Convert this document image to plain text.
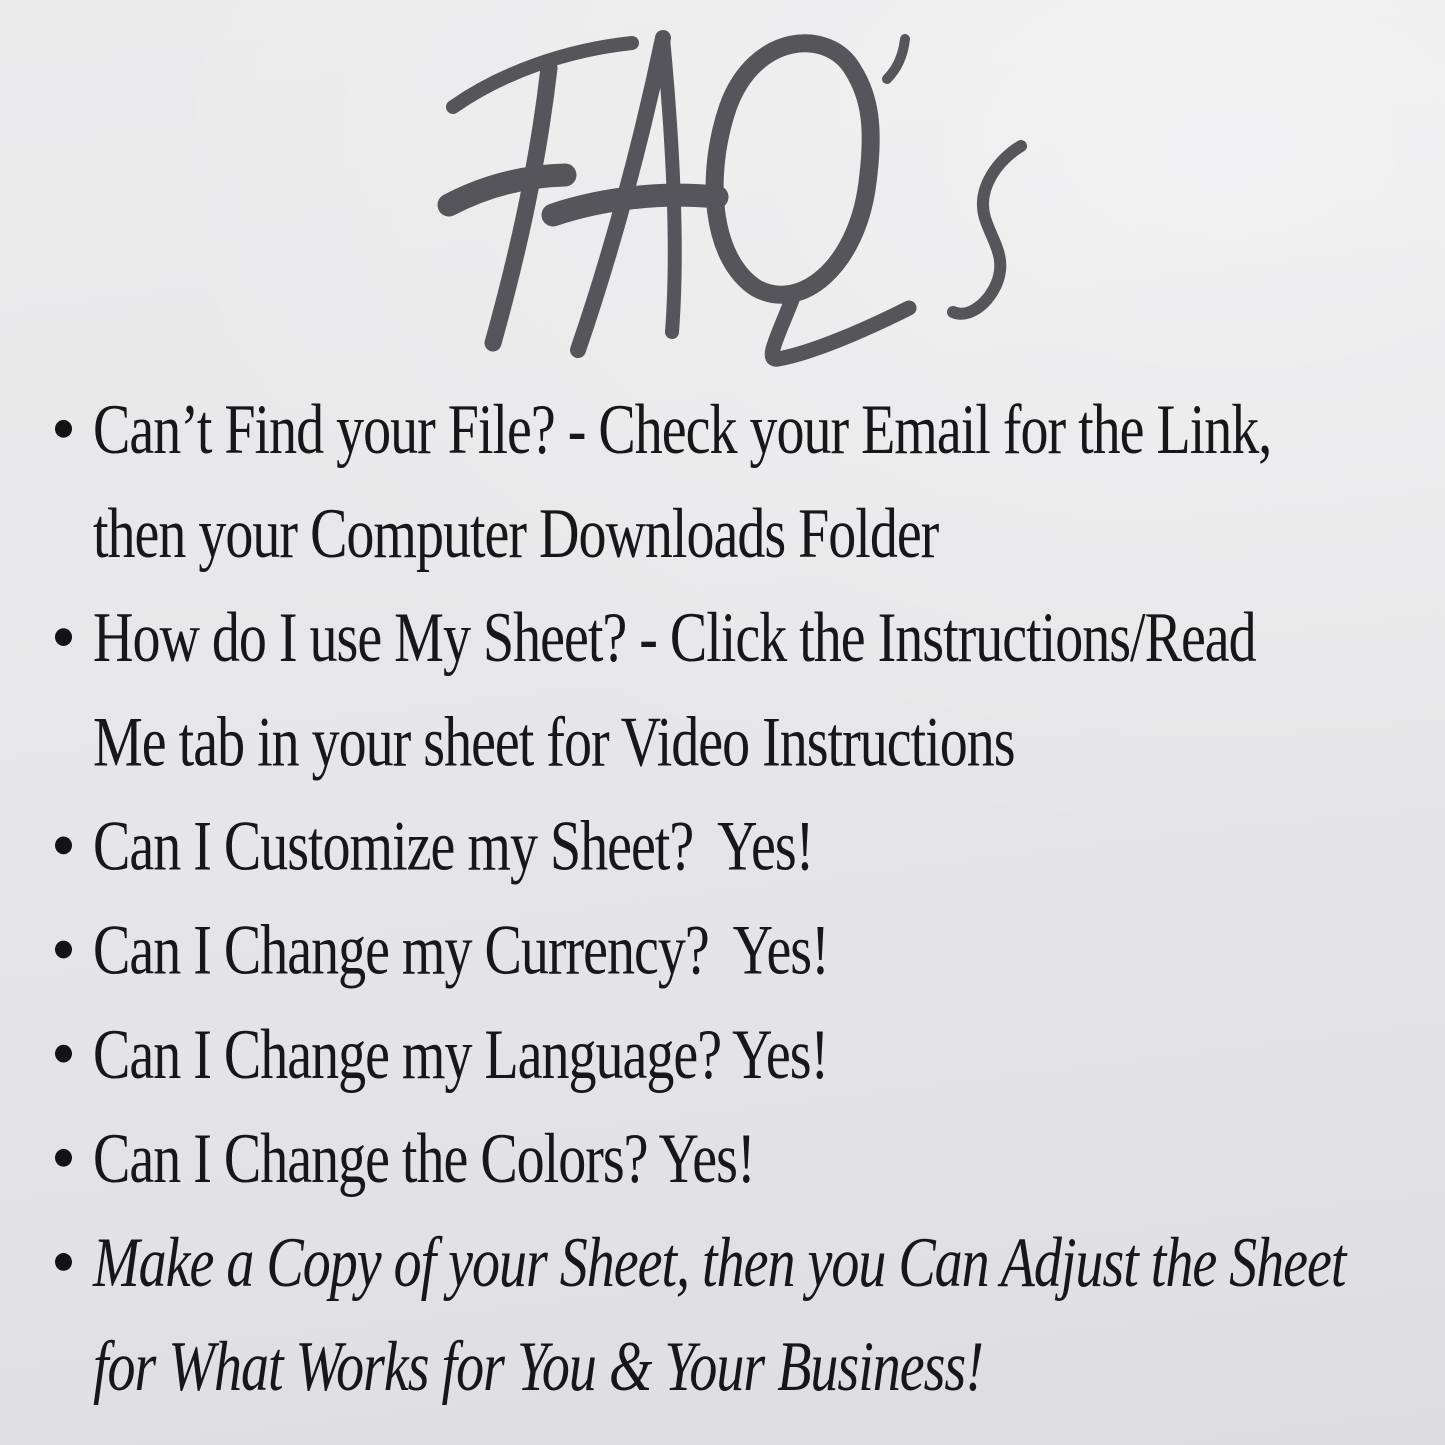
Can’t Find your File? - Check your Email for the Link,
then your Computer Downloads Folder
How do I use My Sheet? - Click the Instructions/Read
Me tab in your sheet for Video Instructions
Can I Customize my Sheet?  Yes!
Can I Change my Currency?  Yes!
Can I Change my Language? Yes!
Can I Change the Colors? Yes!
Make a Copy of your Sheet, then you Can Adjust the Sheet
for What Works for You & Your Business!
